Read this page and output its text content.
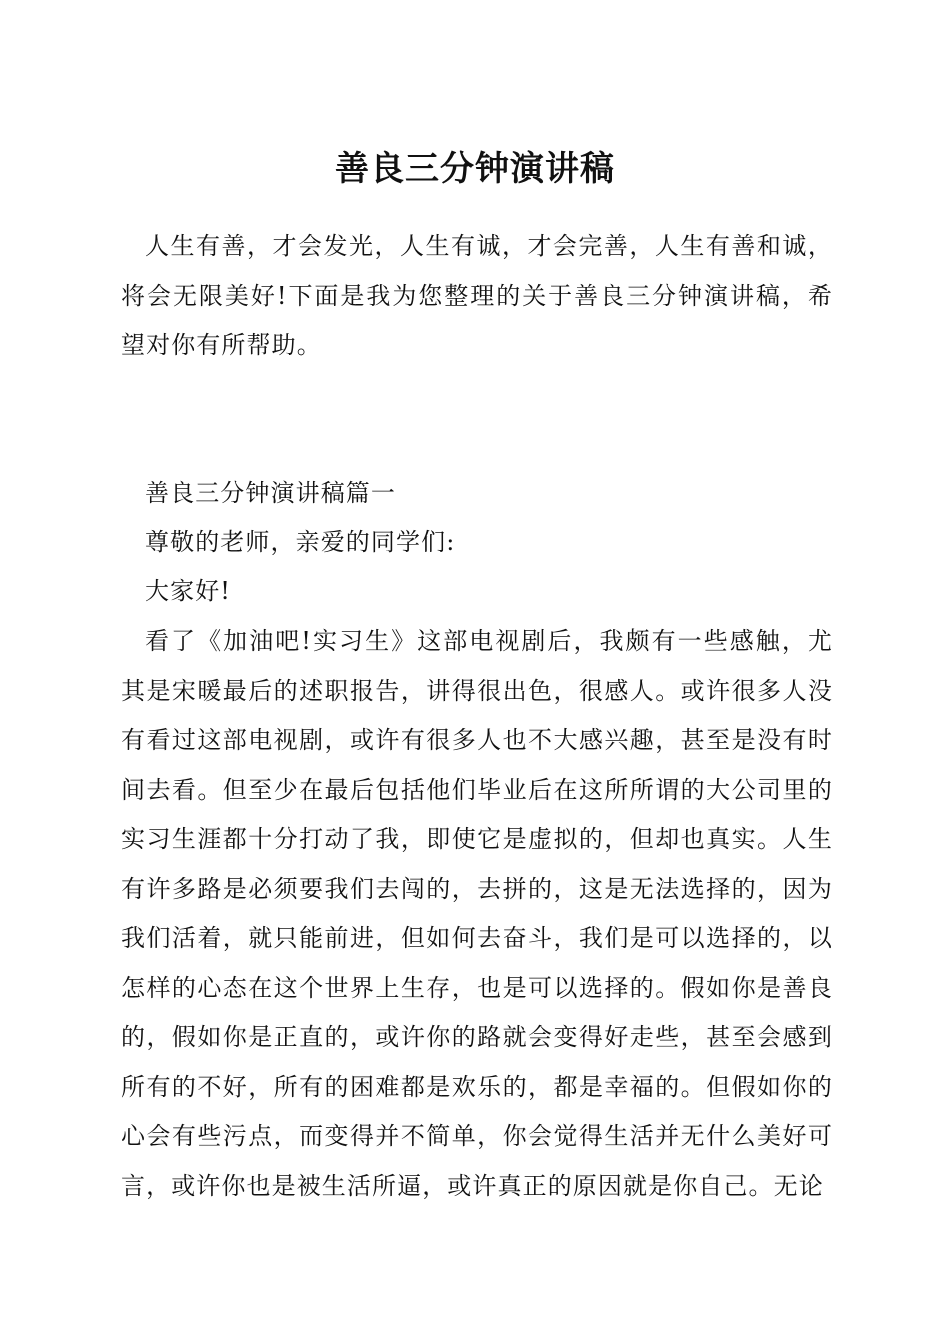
善良三分钟演讲稿

人生有善，才会发光，人生有诚，才会完善，人生有善和诚，将会无限美好!下面是我为您整理的关于善良三分钟演讲稿，希望对你有所帮助。

善良三分钟演讲稿篇一
尊敬的老师，亲爱的同学们:
大家好!

看了《加油吧!实习生》这部电视剧后，我颇有一些感触，尤其是宋暖最后的述职报告，讲得很出色，很感人。或许很多人没有看过这部电视剧，或许有很多人也不大感兴趣，甚至是没有时间去看。但至少在最后包括他们毕业后在这所所谓的大公司里的实习生涯都十分打动了我，即使它是虚拟的，但却也真实。人生有许多路是必须要我们去闯的，去拼的，这是无法选择的，因为我们活着，就只能前进，但如何去奋斗，我们是可以选择的，以怎样的心态在这个世界上生存，也是可以选择的。假如你是善良的，假如你是正直的，或许你的路就会变得好走些，甚至会感到所有的不好，所有的困难都是欢乐的，都是幸福的。但假如你的心会有些污点，而变得并不简单，你会觉得生活并无什么美好可言，或许你也是被生活所逼，或许真正的原因就是你自己。无论
